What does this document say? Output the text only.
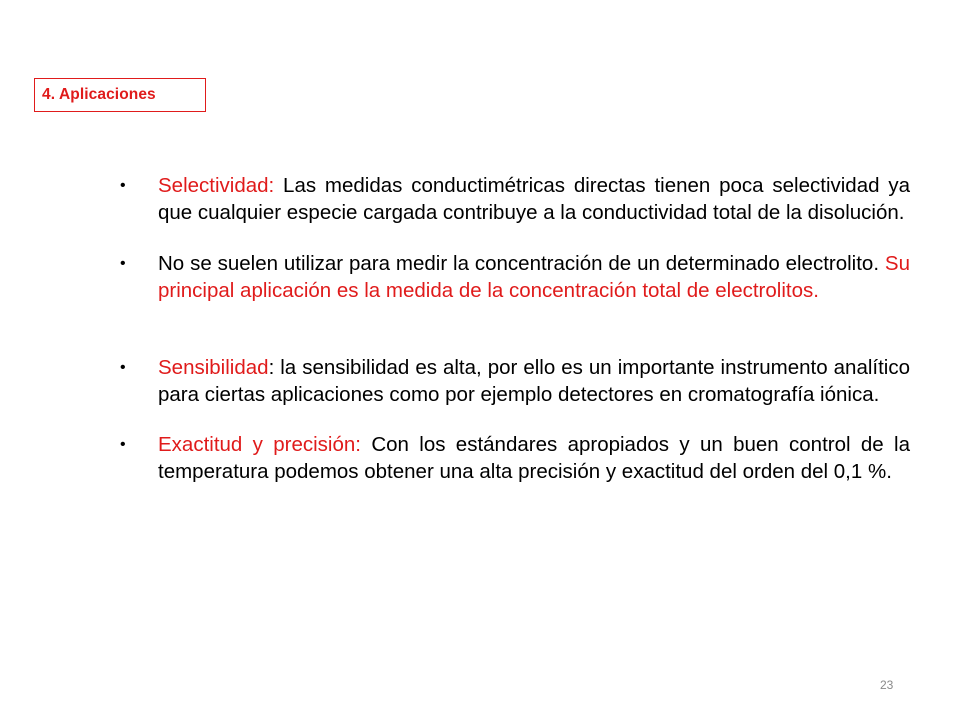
4. Aplicaciones
• Selectividad: Las medidas conductimétricas directas tienen poca selectividad ya que cualquier especie cargada contribuye a la conductividad total de la disolución.
• No se suelen utilizar para medir la concentración de un determinado electrolito. Su principal aplicación es la medida de la concentración total de electrolitos.
• Sensibilidad: la sensibilidad es alta, por ello es un importante instrumento analítico para ciertas aplicaciones como por ejemplo detectores en cromatografía iónica.
• Exactitud y precisión: Con los estándares apropiados y un buen control de la temperatura podemos obtener una alta precisión y exactitud del orden del 0,1 %.
23
